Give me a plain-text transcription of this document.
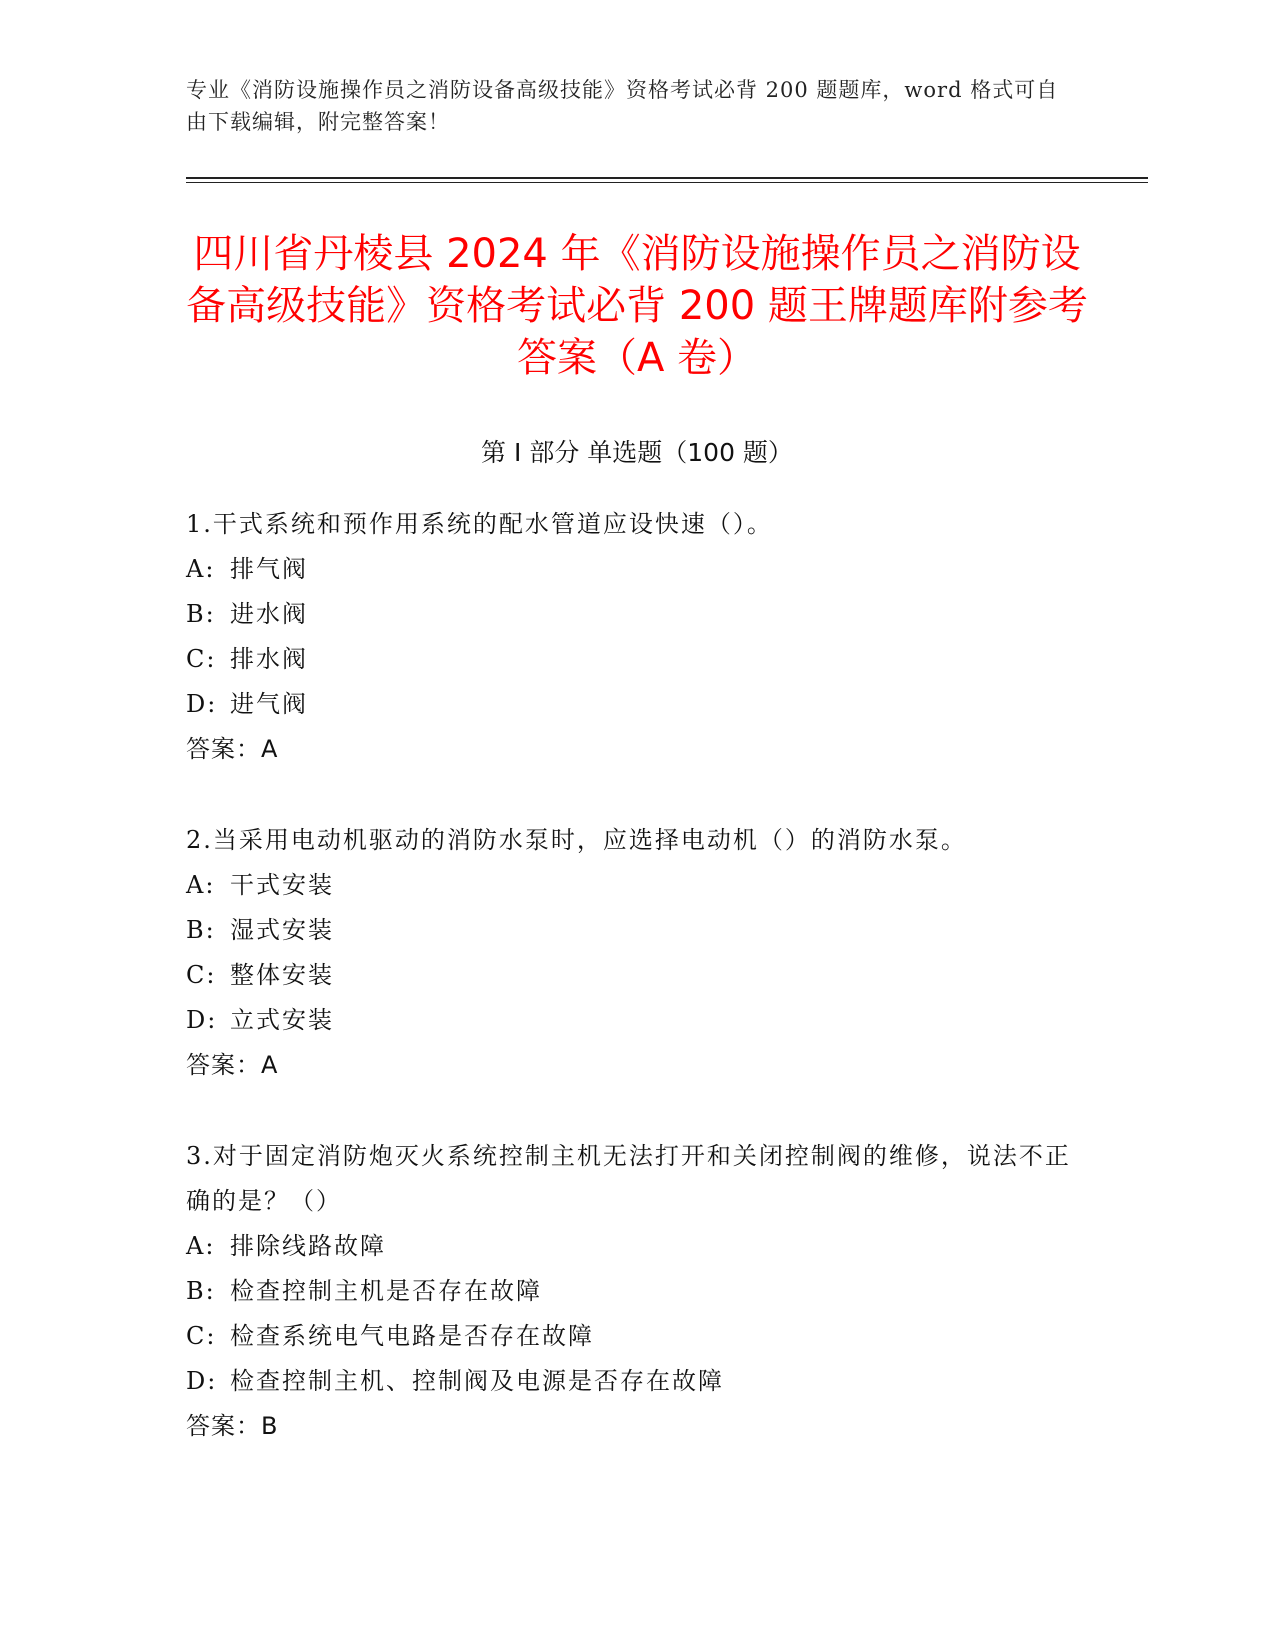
专业《消防设施操作员之消防设备高级技能》资格考试必背 200 题题库，word 格式可自由下载编辑，附完整答案！
四川省丹棱县 2024 年《消防设施操作员之消防设备高级技能》资格考试必背 200 题王牌题库附参考答案（A 卷）
第 I 部分 单选题（100 题）
1.干式系统和预作用系统的配水管道应设快速（）。
A: 排气阀
B: 进水阀
C: 排水阀
D: 进气阀
答案：A
2.当采用电动机驱动的消防水泵时，应选择电动机（）的消防水泵。
A: 干式安装
B: 湿式安装
C: 整体安装
D: 立式安装
答案：A
3.对于固定消防炮灭火系统控制主机无法打开和关闭控制阀的维修，说法不正确的是？（）
A: 排除线路故障
B: 检查控制主机是否存在故障
C: 检查系统电气电路是否存在故障
D: 检查控制主机、控制阀及电源是否存在故障
答案：B
